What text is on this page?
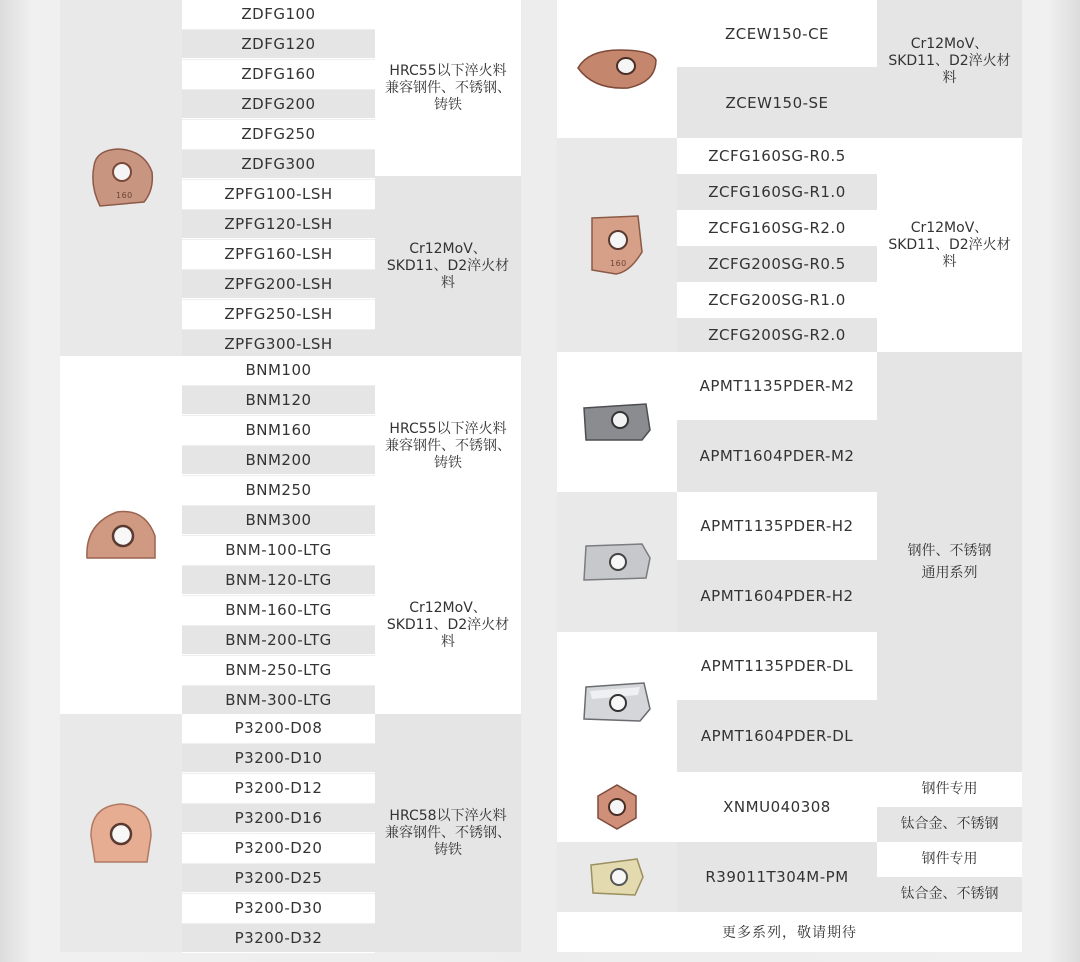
160
HRC55以下淬火料兼容钢件、不锈钢、铸铁
Cr12MoV、SKD11、D2淬火材料
HRC55以下淬火料兼容钢件、不锈钢、铸铁
Cr12MoV、SKD11、D2淬火材料
HRC58以下淬火料兼容钢件、不锈钢、铸铁
ZDFG100
ZDFG120
ZDFG160
ZDFG200
ZDFG250
ZDFG300
ZPFG100-LSH
ZPFG120-LSH
ZPFG160-LSH
ZPFG200-LSH
ZPFG250-LSH
ZPFG300-LSH
BNM100
BNM120
BNM160
BNM200
BNM250
BNM300
BNM-100-LTG
BNM-120-LTG
BNM-160-LTG
BNM-200-LTG
BNM-250-LTG
BNM-300-LTG
P3200-D08
P3200-D10
P3200-D12
P3200-D16
P3200-D20
P3200-D25
P3200-D30
P3200-D32
ZCEW150-CE
ZCEW150-SE
Cr12MoV、SKD11、D2淬火材料
160
Cr12MoV、SKD11、D2淬火材料
APMT1135PDER-M2
APMT1604PDER-M2
APMT1135PDER-H2
APMT1604PDER-H2
钢件、不锈钢通用系列
APMT1135PDER-DL
APMT1604PDER-DL
XNMU040308
钢件专用
钛合金、不锈钢
R39011T304M-PM
钢件专用
钛合金、不锈钢
更多系列，敬请期待
ZCFG160SG-R0.5
ZCFG160SG-R1.0
ZCFG160SG-R2.0
ZCFG200SG-R0.5
ZCFG200SG-R1.0
ZCFG200SG-R2.0
